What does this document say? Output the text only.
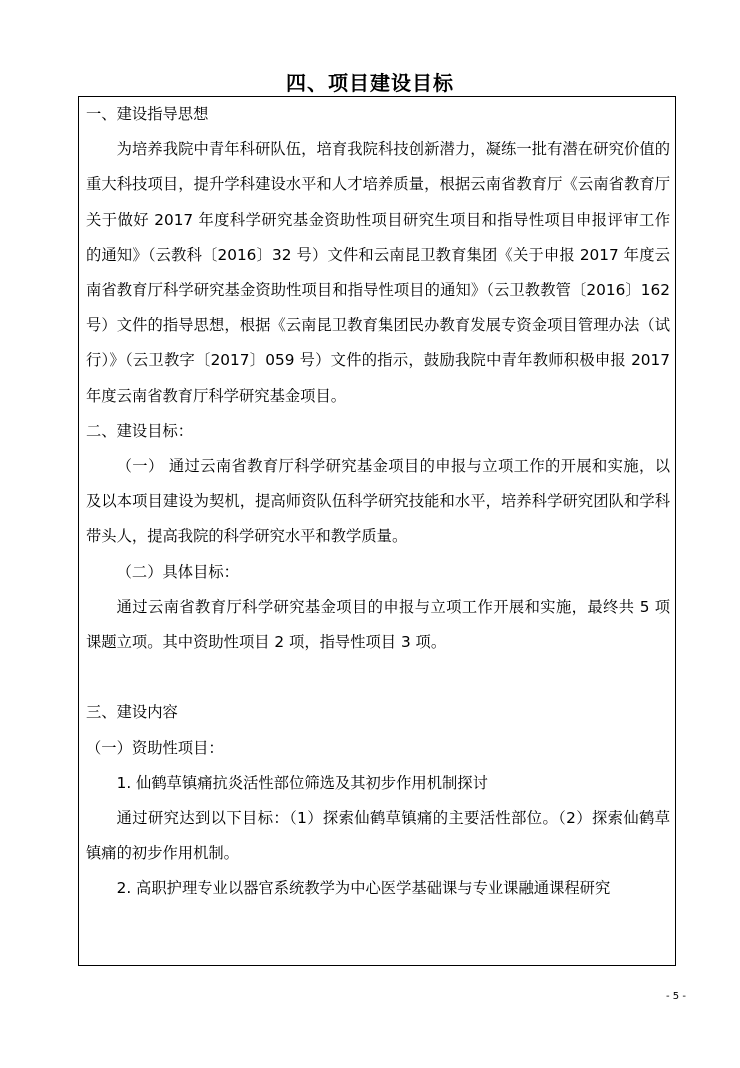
四、项目建设目标

一、建设指导思想

为培养我院中青年科研队伍，培育我院科技创新潜力，凝练一批有潜在研究价值的重大科技项目，提升学科建设水平和人才培养质量，根据云南省教育厅《云南省教育厅关于做好 2017 年度科学研究基金资助性项目研究生项目和指导性项目申报评审工作的通知》（云教科〔2016〕32 号）文件和云南昆卫教育集团《关于申报 2017 年度云南省教育厅科学研究基金资助性项目和指导性项目的通知》（云卫教教管〔2016〕162 号）文件的指导思想，根据《云南昆卫教育集团民办教育发展专资金项目管理办法（试行）》（云卫教字〔2017〕059 号）文件的指示，鼓励我院中青年教师积极申报 2017 年度云南省教育厅科学研究基金项目。

二、建设目标：

（一） 通过云南省教育厅科学研究基金项目的申报与立项工作的开展和实施，以及以本项目建设为契机，提高师资队伍科学研究技能和水平，培养科学研究团队和学科带头人，提高我院的科学研究水平和教学质量。

（二）具体目标：

通过云南省教育厅科学研究基金项目的申报与立项工作开展和实施，最终共 5 项课题立项。其中资助性项目 2 项，指导性项目 3 项。

三、建设内容

（一）资助性项目：

1. 仙鹤草镇痛抗炎活性部位筛选及其初步作用机制探讨

通过研究达到以下目标：（1）探索仙鹤草镇痛的主要活性部位。（2）探索仙鹤草镇痛的初步作用机制。

2. 高职护理专业以器官系统教学为中心医学基础课与专业课融通课程研究

- 5 -
